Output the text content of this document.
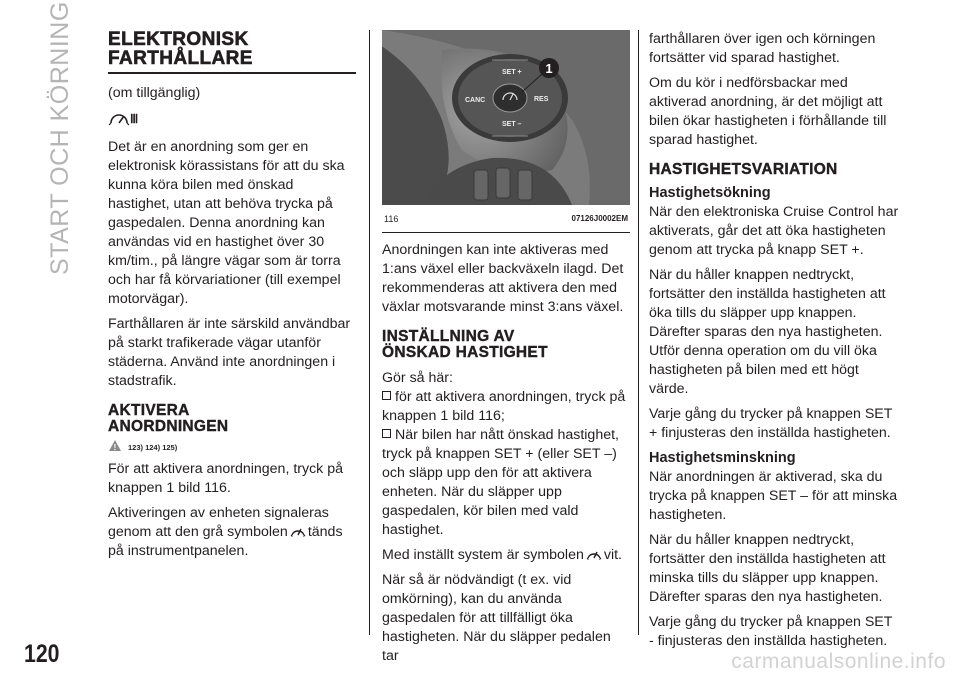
START OCH KÖRNING
120	carmanualsonline.info
ELEKTRONISK
FARTHÅLLARE

(om tillgänglig)

Ⅲ

Det är en anordning som ger en elektronisk körassistans för att du ska kunna köra bilen med önskad hastighet, utan att behöva trycka på gaspedalen. Denna anordning kan användas vid en hastighet över 30 km/tim., på längre vägar som är torra och har få körvariationer (till exempel motorvägar).

Farthållaren är inte särskild användbar på starkt trafikerade vägar utanför städerna. Använd inte anordningen i stadstrafik.

AKTIVERA
ANORDNINGEN
! 123) 124) 125)

För att aktivera anordningen, tryck på knappen 1 bild 116.

Aktiveringen av enheten signaleras genom att den grå symbolen tänds på instrumentpanelen.

SET +
CANC	RES
SET –
1
116	07126J0002EM

Anordningen kan inte aktiveras med 1:ans växel eller backväxeln ilagd. Det rekommenderas att aktivera den med växlar motsvarande minst 3:ans växel.

INSTÄLLNING AV
ÖNSKAD HASTIGHET

Gör så här:

för att aktivera anordningen, tryck på knappen 1 bild 116;

När bilen har nått önskad hastighet, tryck på knappen SET + (eller SET –) och släpp upp den för att aktivera enheten. När du släpper upp gaspedalen, kör bilen med vald hastighet.

Med inställt system är symbolen vit.

När så är nödvändigt (t ex. vid omkörning), kan du använda gaspedalen för att tillfälligt öka hastigheten. När du släpper pedalen tar

farthållaren över igen och körningen fortsätter vid sparad hastighet.

Om du kör i nedförsbackar med aktiverad anordning, är det möjligt att bilen ökar hastigheten i förhållande till sparad hastighet.

HASTIGHETSVARIATION
Hastighetsökning

När den elektroniska Cruise Control har aktiverats, går det att öka hastigheten genom att trycka på knapp SET +.

När du håller knappen nedtryckt, fortsätter den inställda hastigheten att öka tills du släpper upp knappen. Därefter sparas den nya hastigheten. Utför denna operation om du vill öka hastigheten på bilen med ett högt värde.

Varje gång du trycker på knappen SET + finjusteras den inställda hastigheten.

Hastighetsminskning

När anordningen är aktiverad, ska du trycka på knappen SET – för att minska hastigheten.

När du håller knappen nedtryckt, fortsätter den inställda hastigheten att minska tills du släpper upp knappen. Därefter sparas den nya hastigheten.

Varje gång du trycker på knappen SET - finjusteras den inställda hastigheten.
